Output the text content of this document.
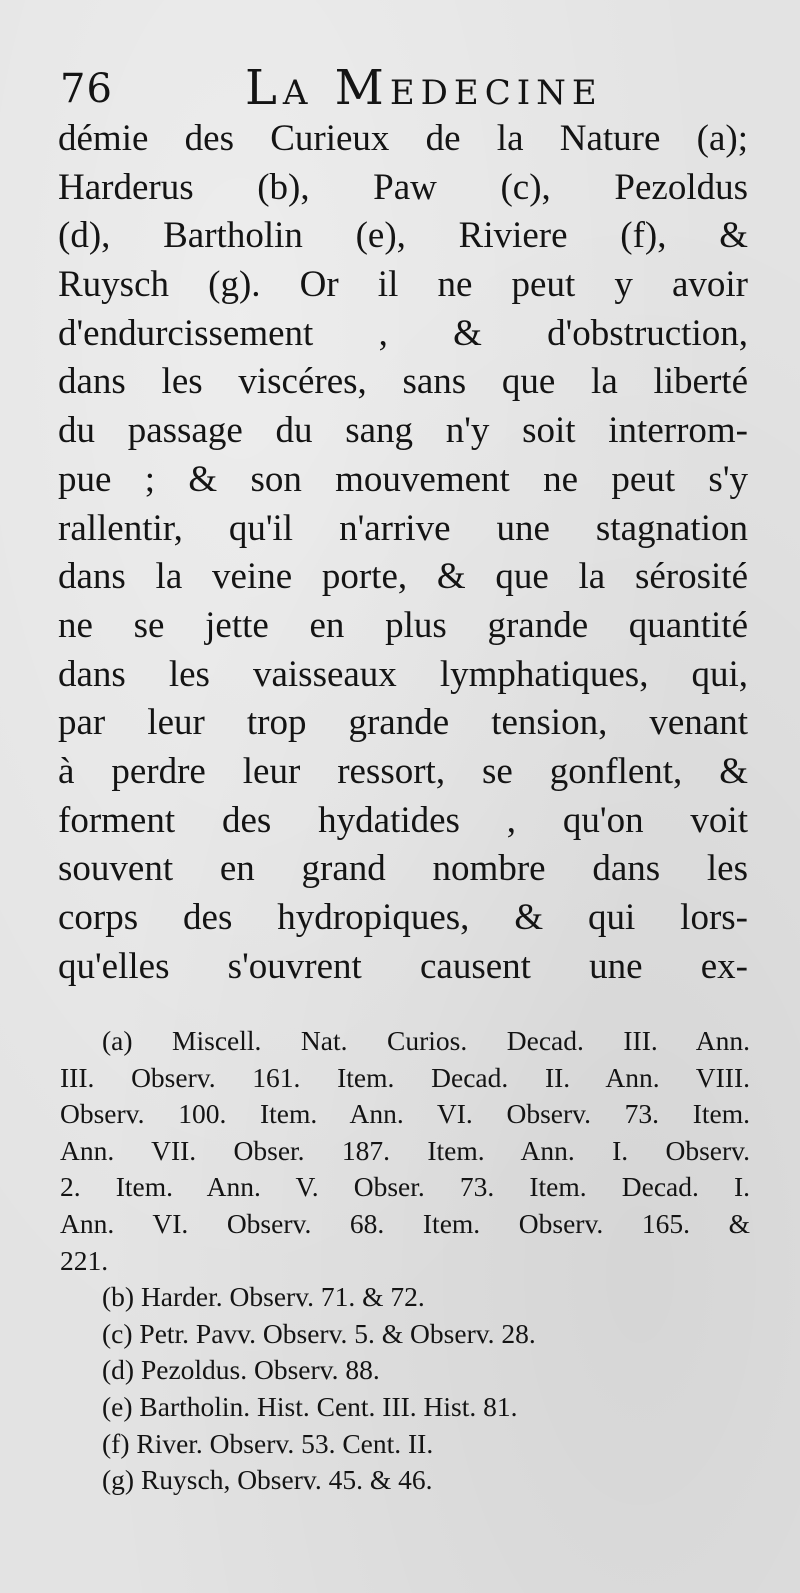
76	La Medecine
démie des Curieux de la Nature (a);
Harderus (b), Paw (c), Pezoldus
(d), Bartholin (e), Riviere (f), &
Ruysch (g). Or il ne peut y avoir
d'endurcissement , & d'obstruction,
dans les viscéres, sans que la liberté
du passage du sang n'y soit interrom-
pue ; & son mouvement ne peut s'y
rallentir, qu'il n'arrive une stagnation
dans la veine porte, & que la sérosité
ne se jette en plus grande quantité
dans les vaisseaux lymphatiques, qui,
par leur trop grande tension, venant
à perdre leur ressort, se gonflent, &
forment des hydatides , qu'on voit
souvent en grand nombre dans les
corps des hydropiques, & qui lors-
qu'elles s'ouvrent causent une ex-
(a) Miscell. Nat. Curios. Decad. III. Ann.
III. Observ. 161. Item. Decad. II. Ann. VIII.
Observ. 100. Item. Ann. VI. Observ. 73. Item.
Ann. VII. Obser. 187. Item. Ann. I. Observ.
2. Item. Ann. V. Obser. 73. Item. Decad. I.
Ann. VI. Observ. 68. Item. Observ. 165. &
221.
(b) Harder. Observ. 71. & 72.
(c) Petr. Pavv. Observ. 5. & Observ. 28.
(d) Pezoldus. Observ. 88.
(e) Bartholin. Hist. Cent. III. Hist. 81.
(f) River. Observ. 53. Cent. II.
(g) Ruysch, Observ. 45. & 46.
